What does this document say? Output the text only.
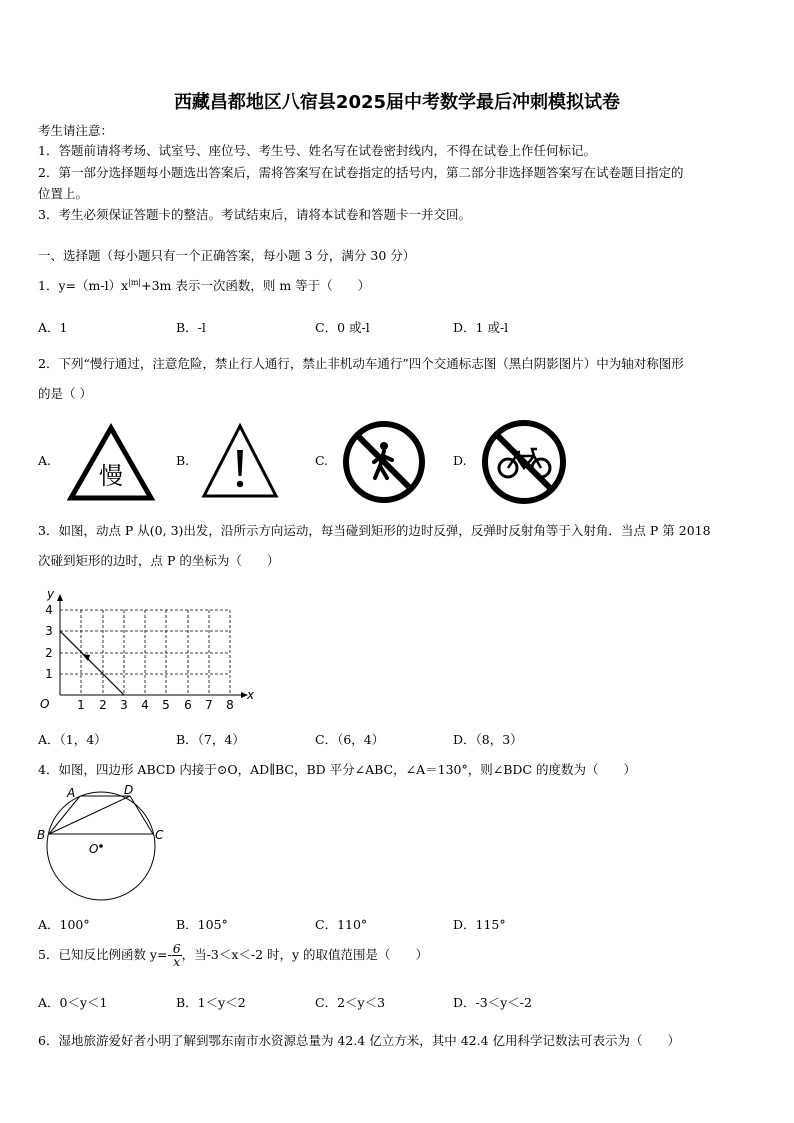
西藏昌都地区八宿县2025届中考数学最后冲刺模拟试卷
考生请注意：
1．答题前请将考场、试室号、座位号、考生号、姓名写在试卷密封线内，不得在试卷上作任何标记。
2．第一部分选择题每小题选出答案后，需将答案写在试卷指定的括号内，第二部分非选择题答案写在试卷题目指定的
位置上。
3．考生必须保证答题卡的整洁。考试结束后，请将本试卷和答题卡一并交回。
一、选择题（每小题只有一个正确答案，每小题 3 分，满分 30 分）
1．$y=(m-l)x^{|m|}+3m$ 表示一次函数，则 m 等于（　　）
A．1	B．-l	C．0 或-l	D．1 或-l
2．下列“慢行通过，注意危险，禁止行人通行，禁止非机动车通行”四个交通标志图（黑白阴影图片）中为轴对称图形
的是（ ）
A.
慢
B.	C.	D.
3．如图，动点 P 从(0, 3)出发，沿所示方向运动，每当碰到矩形的边时反弹，反弹时反射角等于入射角．当点 P 第 2018
次碰到矩形的边时，点 P 的坐标为（　　）
y
x
O 1 2 3 4 5 6 7 8
1
2
3
4
A．（1，4）	B．（7，4）	C．（6，4）	D．（8，3）
4．如图，四边形 ABCD 内接于⊙O，AD∥BC，BD 平分∠ABC，∠A＝130°，则∠BDC 的度数为（　　）
A	D
B	C
O
A．100°	B．105°	C．110°	D．115°
5．已知反比例函数 $y=- \frac{6}{x}$ ，当-3＜x＜-2 时，y 的取值范围是（　　）
A．0＜y＜1	B．1＜y＜2	C．2＜y＜3	D．-3＜y＜-2
6．湿地旅游爱好者小明了解到鄂东南市水资源总量为 42.4 亿立方米，其中 42.4 亿用科学记数法可表示为（　　）
